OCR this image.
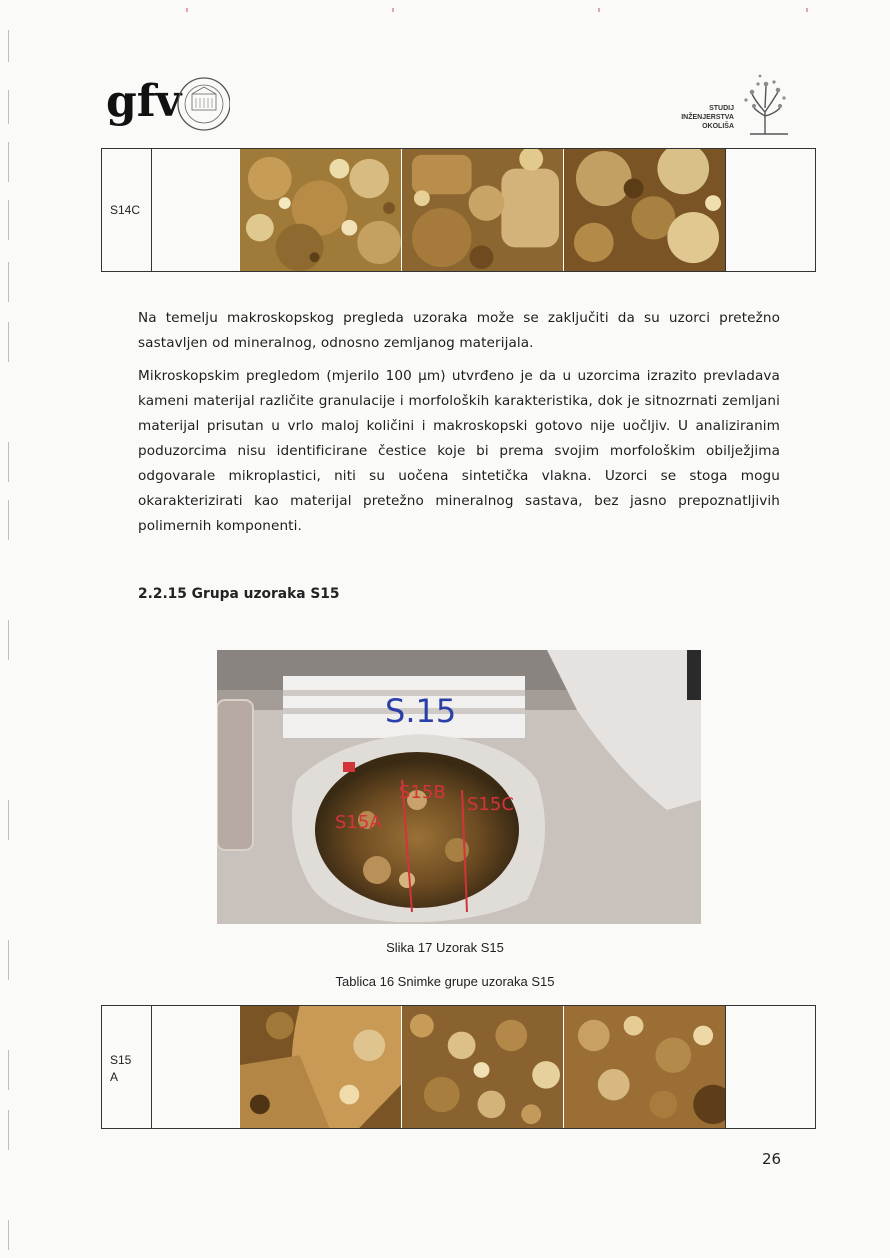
gfv	STUDIJ
INŽENJERSTVA
OKOLIŠA
S14C

Na temelju makroskopskog pregleda uzoraka može se zaključiti da su uzorci pretežno sastavljen od mineralnog, odnosno zemljanog materijala.

Mikroskopskim pregledom (mjerilo 100 μm) utvrđeno je da u uzorcima izrazito prevladava kameni materijal različite granulacije i morfoloških karakteristika, dok je sitnozrnati zemljani materijal prisutan u vrlo maloj količini i makroskopski gotovo nije uočljiv. U analiziranim poduzorcima nisu identificirane čestice koje bi prema svojim morfološkim obilježjima odgovarale mikroplastici, niti su uočena sintetička vlakna. Uzorci se stoga mogu okarakterizirati kao materijal pretežno mineralnog sastava, bez jasno prepoznatljivih polimernih komponenti.

2.2.15 Grupa uzoraka S15
S.15
S15A
S15B
S15C
Slika 17 Uzorak S15
Tablica 16 Snimke grupe uzoraka S15
S15
A
26
